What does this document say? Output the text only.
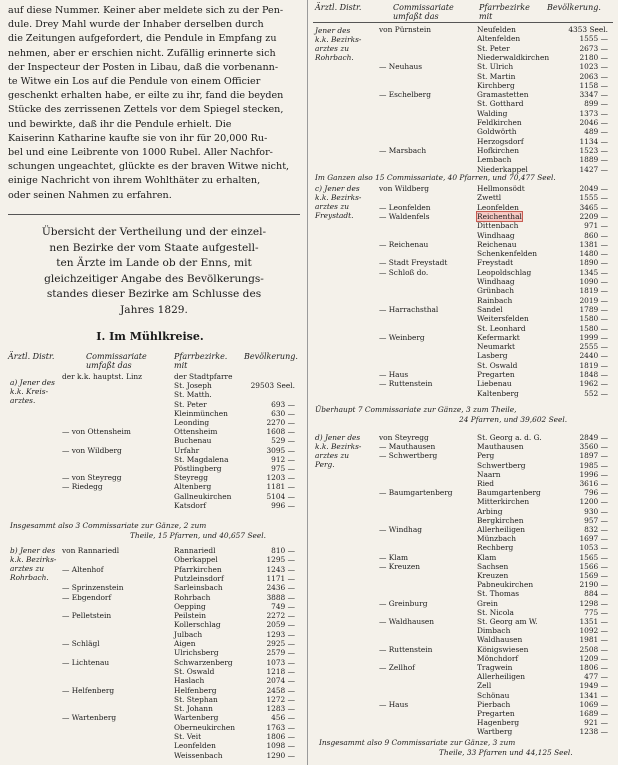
auf diese Nummer. Keiner aber meldete sich zu der Pen-
dule. Drey Mahl wurde der Inhaber derselben durch
die Zeitungen aufgefordert, die Pendule in Empfang zu
nehmen, aber er erschien nicht. Zufällig erinnerte sich
der Inspecteur der Posten in Libau, daß die vorbenann-
te Witwe ein Los auf die Pendule von einem Officier
geschenkt erhalten habe, er eilte zu ihr, fand die beyden
Stücke des zerrissenen Zettels vor dem Spiegel stecken,
und bewirkte, daß ihr die Pendule erhielt. Die
Kaiserinn Katharine kaufte sie von ihr für 20,000 Ru-
bel und eine Leibrente von 1000 Rubel. Aller Nachfor-
schungen ungeachtet, glückte es der braven Witwe nicht,
einige Nachricht von ihrem Wohlthäter zu erhalten,
oder seinen Nahmen zu erfahren.
Übersicht der Vertheilung und der einzel-
nen Bezirke der vom Staate aufgestell-
ten Ärzte im Lande ob der Enns, mit
gleichzeitiger Angabe des Bevölkerungs-
standes dieser Bezirke am Schlusse des
Jahres 1829.
I. Im Mühlkreise.
Ärztl. Distr.	Commissariate
umfaßt das
Pfarrbezirke.
mit
Bevölkerung.
a) Jener des
k.k. Kreis-
arztes.
der k.k. hauptst. Linz	der Stadtpfarre
St. Joseph	29503 Seel.
St. Matth.
St. Peter	693 —
Kleinmünchen	630 —
Leonding	2270 —
— von Ottensheim	Ottensheim	1608 —
Buchenau	529 —
— von Wildberg	Urfahr	3095 —
St. Magdalena	912 —
Pöstlingberg	975 —
— von Steyregg	Steyregg	1203 —
— Riedegg	Altenberg	1181 —
Gallneukirchen	5104 —
Katsdorf	996 —
Insgesammt also 3 Commissariate zur Gänze, 2 zum
Theile, 15 Pfarren, und 40,657 Seel.
b) Jener des
k.k. Bezirks-
arztes zu
Rohrbach.
von Rannariedl	Rannariedl	810 —
Oberkappel	1295 —
— Altenhof	Pfarrkirchen	1243 —
Putzleinsdorf	1171 —
— Sprinzenstein	Sarleinsbach	2436 —
— Ebgendorf	Rohrbach	3888 —
Oepping	749 —
— Pelletstein	Peilstein	2272 —
Kollerschlag	2059 —
Julbach	1293 —
— Schlägl	Aigen	2925 —
Ulrichsberg	2579 —
— Lichtenau	Schwarzenberg	1073 —
St. Oswald	1218 —
Haslach	2074 —
— Helfenberg	Helfenberg	2458 —
St. Stephan	1272 —
St. Johann	1283 —
— Wartenberg	Wartenberg	456 —
Oberneukirchen	1763 —
St. Veit	1806 —
Leonfelden	1098 —
Weissenbach	1290 —
Ärztl. Distr.	Commissariate
umfaßt das
Pfarrbezirke
mit
Bevölkerung.
Jener des
k.k. Bezirks-
arztes zu
Rohrbach.
von Pürnstein	Neufelden	4353 Seel.
Altenfelden	1555 —
St. Peter	2673 —
Niederwaldkirchen	2180 —
— Neuhaus	St. Ulrich	1023 —
St. Martin	2063 —
Kirchberg	1158 —
— Eschelberg	Gramastetten	3347 —
St. Gotthard	899 —
Walding	1373 —
Feldkirchen	2046 —
Goldwörth	489 —
Herzogsdorf	1134 —
— Marsbach	Hofkirchen	1523 —
Lembach	1889 —
Niederkappel	1427 —
Im Ganzen also 15 Commissariate, 40 Pfarren, und 70,477 Seel.
c) Jener des
k.k. Bezirks-
arztes zu
Freystadt.
von Wildberg	Hellmonsödt	2049 —
Zwettl	1555 —
— Leonfelden	Leonfelden	3465 —
— Waldenfels	Reichenthal	2209 —
Dittenbach	971 —
Windhaag	860 —
— Reichenau	Reichenau	1381 —
Schenkenfelden	1480 —
— Stadt Freystadt	Freystadt	1890 —
— Schloß do.	Leopoldschlag	1345 —
Windhaag	1090 —
Grünbach	1819 —
Rainbach	2019 —
— Harrachsthal	Sandel	1789 —
Weitersfelden	1580 —
St. Leonhard	1580 —
— Weinberg	Kefermarkt	1999 —
Neumarkt	2555 —
Lasberg	2440 —
St. Oswald	1819 —
— Haus	Pregarten	1848 —
— Ruttenstein	Liebenau	1962 —
Kaltenberg	552 —
Überhaupt 7 Commissariate zur Gänze, 3 zum Theile,
24 Pfarren, und 39,602 Seel.
d) Jener des
k.k. Bezirks-
arztes zu
Perg.
von Steyregg	St. Georg a. d. G.	2849 —
— Mauthausen	Mauthausen	3560 —
— Schwertberg	Perg	1897 —
Schwertberg	1985 —
Naarn	1996 —
Ried	3616 —
— Baumgartenberg	Baumgartenberg	796 —
Mitterkirchen	1200 —
Arbing	930 —
Bergkirchen	957 —
— Windhag	Allerheiligen	832 —
Münzbach	1697 —
Rechberg	1053 —
— Klam	Klam	1565 —
— Kreuzen	Sachsen	1566 —
Kreuzen	1569 —
Pabneukirchen	2190 —
St. Thomas	884 —
— Greinburg	Grein	1298 —
St. Nicola	775 —
— Waldhausen	St. Georg am W.	1351 —
Dimbach	1092 —
Waldhausen	1981 —
— Ruttenstein	Königswiesen	2508 —
Mönchdorf	1209 —
— Zellhof	Tragwein	1806 —
Allerheiligen	477 —
Zell	1949 —
Schönau	1341 —
— Haus	Pierbach	1069 —
Pregarten	1689 —
Hagenberg	921 —
Wartberg	1238 —
Insgesammt also 9 Commissariate zur Gänze, 3 zum
Theile, 33 Pfarren und 44,125 Seel.
